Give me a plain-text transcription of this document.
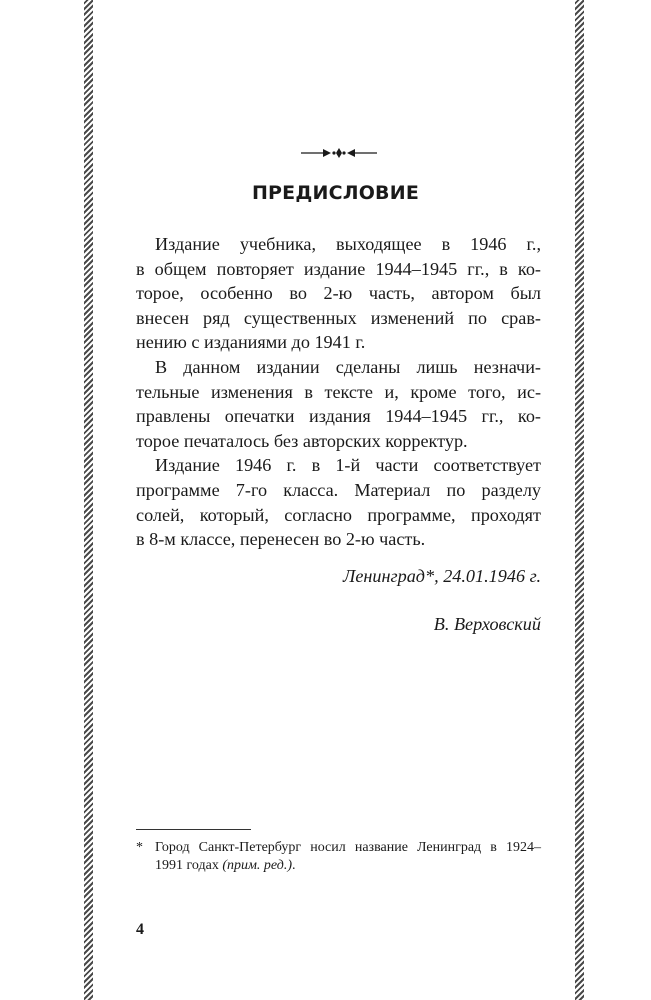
ПРЕДИСЛОВИЕ
Издание учебника, выходящее в 1946 г.,
в общем повторяет издание 1944–1945 гг., в ко-
торое, особенно во 2-ю часть, автором был
внесен ряд существенных изменений по срав-
нению с изданиями до 1941 г.
В данном издании сделаны лишь незначи-
тельные изменения в тексте и, кроме того, ис-
правлены опечатки издания 1944–1945 гг., ко-
торое печаталось без авторских корректур.
Издание 1946 г. в 1-й части соответствует
программе 7-го класса. Материал по разделу
солей, который, согласно программе, проходят
в 8-м классе, перенесен во 2-ю часть.
Ленинград*, 24.01.1946 г.
В. Верховский
* Город Санкт-Петербург носил название Ленинград в 1924–
1991 годах (прим. ред.).
4
